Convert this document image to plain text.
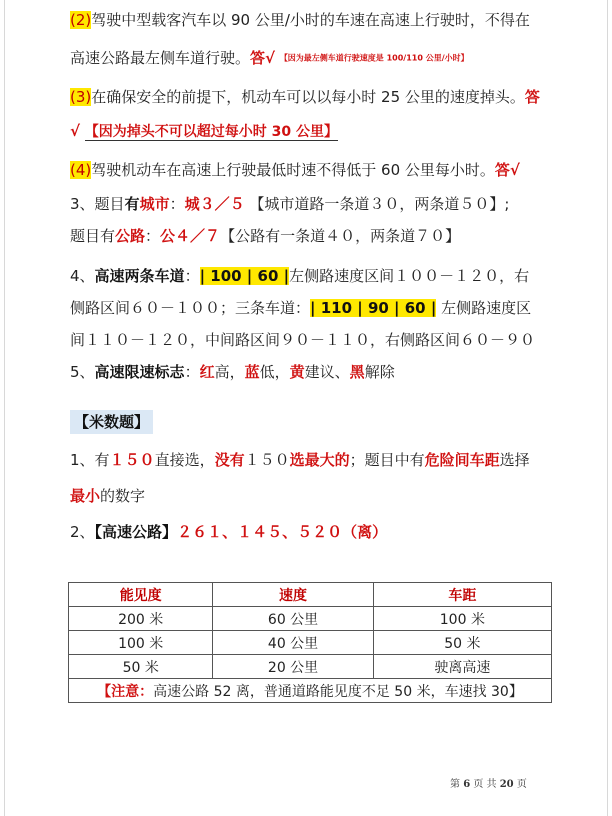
(2)驾驶中型载客汽车以 90 公里/小时的车速在高速上行驶时，不得在
高速公路最左侧车道行驶。答√ 【因为最左侧车道行驶速度是 100/110 公里/小时】
(3)在确保安全的前提下，机动车可以以每小时 25 公里的速度掉头。答
√ 【因为掉头不可以超过每小时 30 公里】
(4)驾驶机动车在高速上行驶最低时速不得低于 60 公里每小时。答√
3、题目有城市：城３／５ 【城市道路一条道３０，两条道５０】;
题目有公路：公４／７【公路有一条道４０，两条道７０】
4、高速两条车道：| 100 | 60 |左侧路速度区间１００－１２０，右
侧路区间６０－１００；三条车道：| 110 | 90 | 60 | 左侧路速度区
间１１０－１２０，中间路区间９０－１１０，右侧路区间６０－９０
5、高速限速标志：红高，蓝低，黄建议、黑解除
【米数题】
1、有１５０直接选，没有１５０选最大的；题目中有危险间车距选择
最小的数字
2、【高速公路】２６１、１４５、５２０（离）
能见度	速度	车距
200 米	60 公里	100 米
100 米	40 公里	50 米
50 米	20 公里	驶离高速
【注意：高速公路 52 离，普通道路能见度不足 50 米，车速找 30】		
第 6 页 共 20 页
